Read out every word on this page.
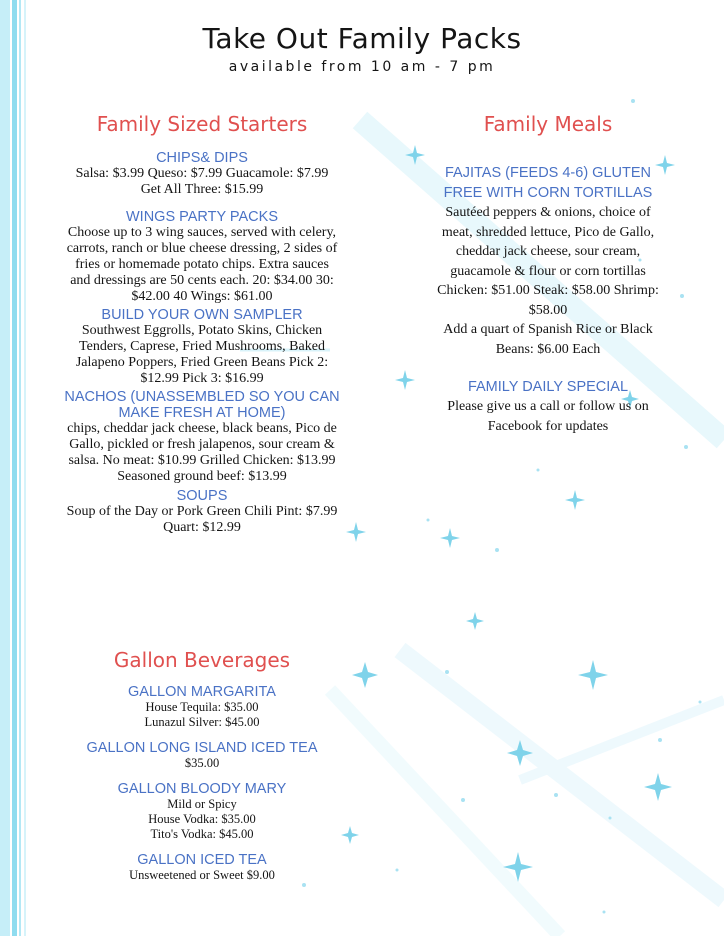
Take Out Family Packs
available from 10 am - 7 pm
Family Sized Starters
CHIPS& DIPS
Salsa: $3.99 Queso: $7.99 Guacamole: $7.99
Get All Three: $15.99
WINGS PARTY PACKS
Choose up to 3 wing sauces, served with celery, carrots, ranch or blue cheese dressing, 2 sides of fries or homemade potato chips. Extra sauces and dressings are 50 cents each. 20: $34.00 30: $42.00 40 Wings: $61.00
BUILD YOUR OWN SAMPLER
Southwest Eggrolls, Potato Skins, Chicken Tenders, Caprese, Fried Mushrooms, Baked Jalapeno Poppers, Fried Green Beans Pick 2: $12.99 Pick 3: $16.99
NACHOS (UNASSEMBLED SO YOU CAN MAKE FRESH AT HOME)
chips, cheddar jack cheese, black beans, Pico de Gallo, pickled or fresh jalapenos, sour cream & salsa. No meat: $10.99 Grilled Chicken: $13.99 Seasoned ground beef: $13.99
SOUPS
Soup of the Day or Pork Green Chili Pint: $7.99 Quart: $12.99
Family Meals
FAJITAS (FEEDS 4-6) GLUTEN FREE WITH CORN TORTILLAS
Sautéed peppers & onions, choice of meat, shredded lettuce, Pico de Gallo, cheddar jack cheese, sour cream, guacamole & flour or corn tortillas Chicken: $51.00 Steak: $58.00 Shrimp: $58.00
Add a quart of Spanish Rice or Black Beans: $6.00 Each
FAMILY DAILY SPECIAL
Please give us a call or follow us on Facebook for updates
Gallon Beverages
GALLON MARGARITA
House Tequila: $35.00
Lunazul Silver: $45.00
GALLON LONG ISLAND ICED TEA
$35.00
GALLON BLOODY MARY
Mild or Spicy
House Vodka: $35.00
Tito's Vodka: $45.00
GALLON ICED TEA
Unsweetened or Sweet $9.00
